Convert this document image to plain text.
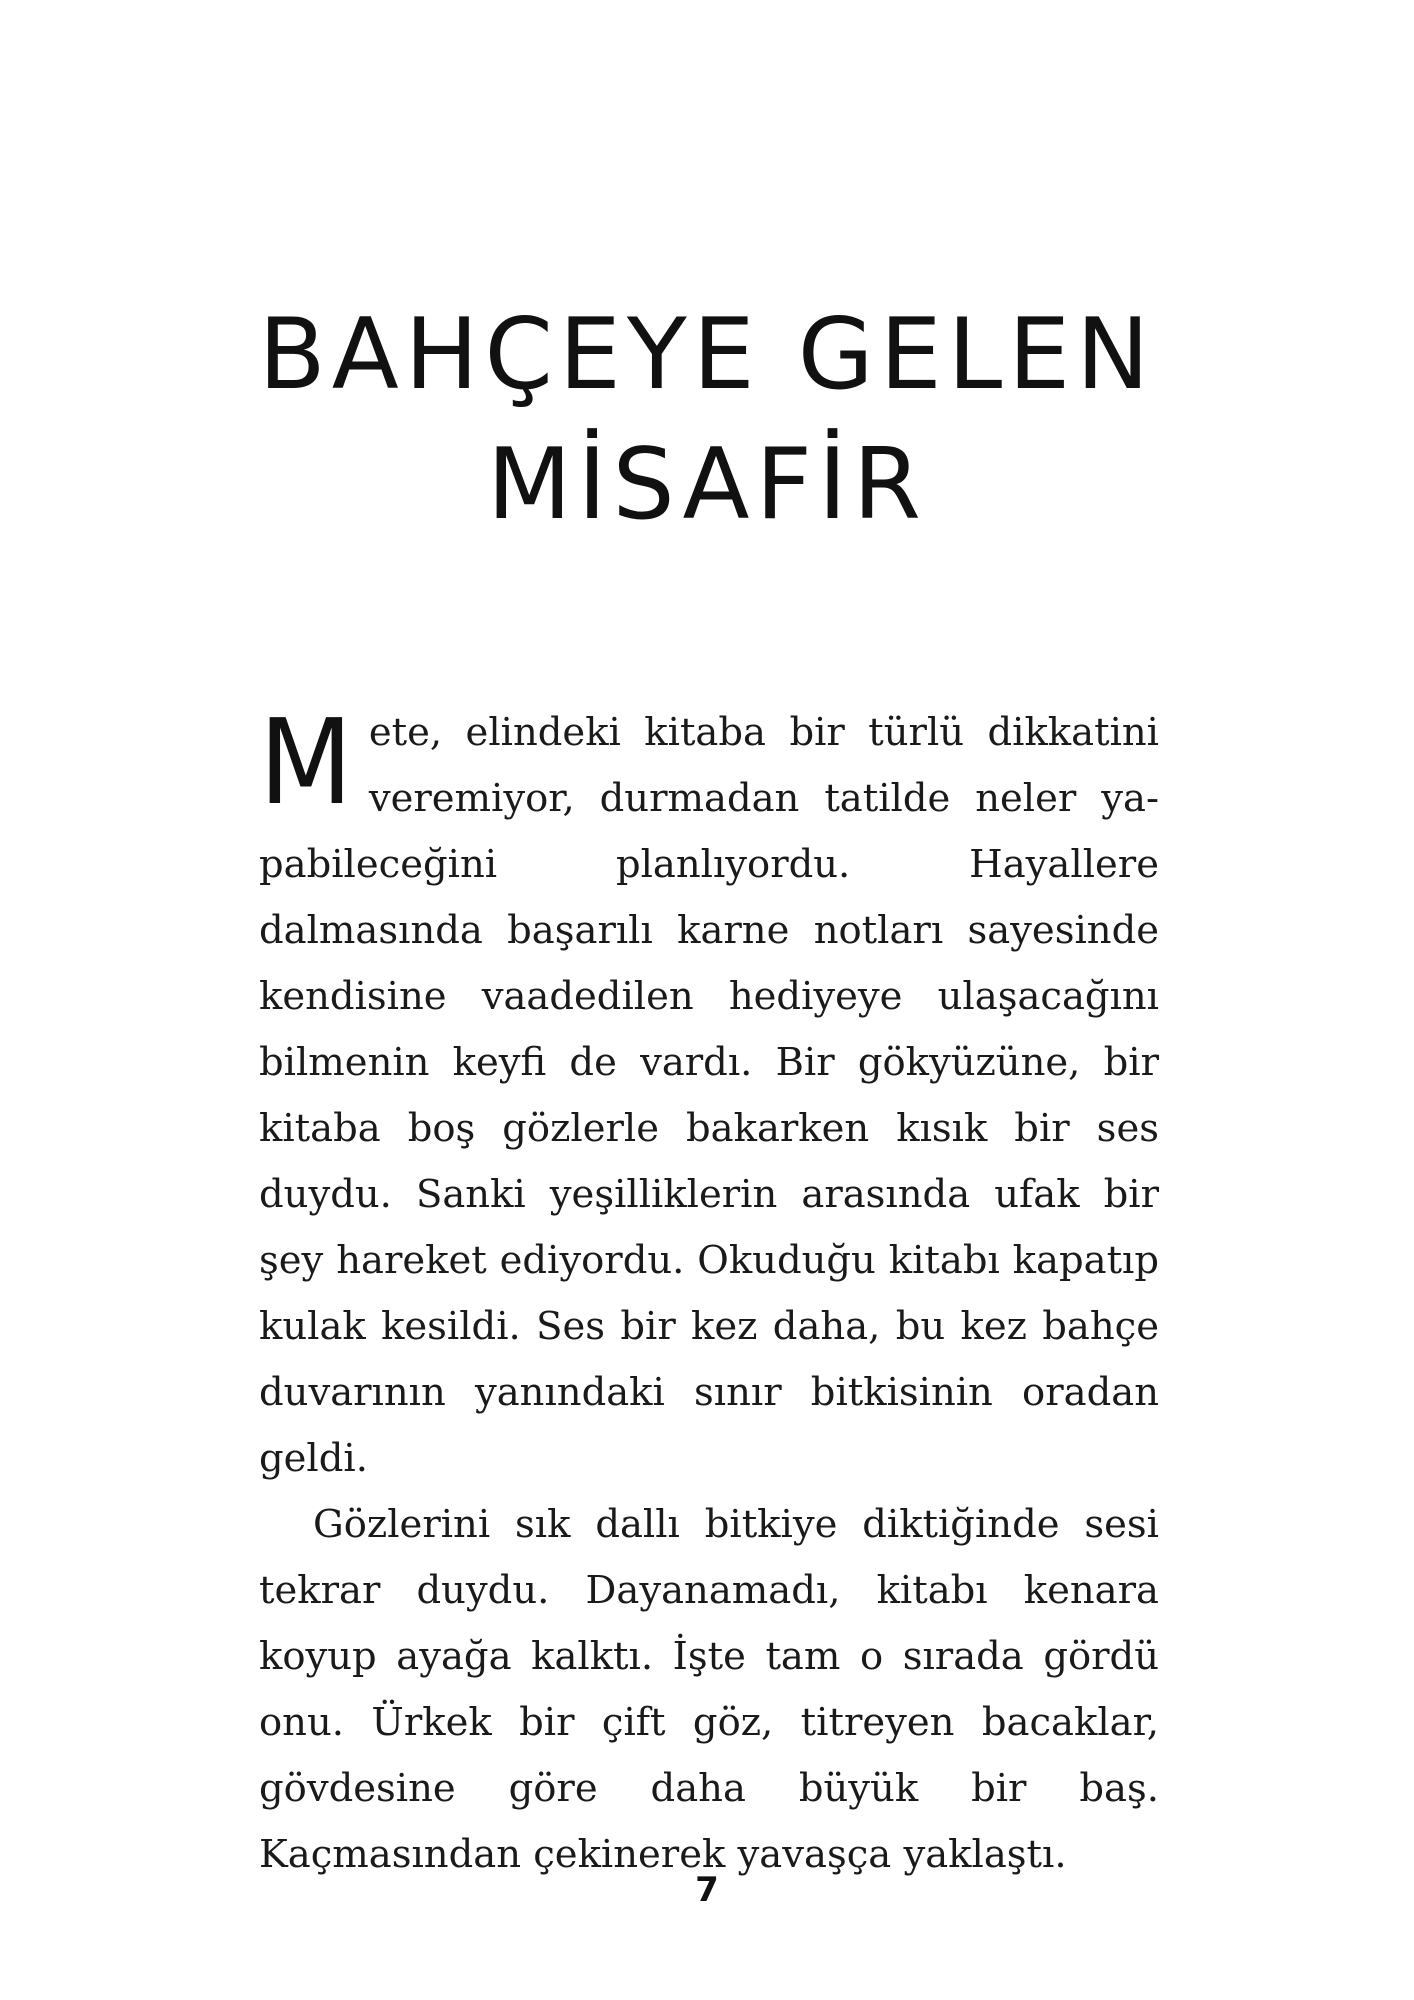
BAHÇEYE GELEN
MİSAFİR

Mete, elindeki kitaba bir türlü dikkatini veremiyor, durmadan tatilde neler yapabileceğini planlıyordu. Hayallere dalmasında başarılı karne notları sayesinde kendisine vaadedilen hediyeye ulaşacağını bilmenin keyfi de vardı. Bir gökyüzüne, bir kitaba boş gözlerle bakarken kısık bir ses duydu. Sanki yeşilliklerin arasında ufak bir şey hareket ediyordu. Okuduğu kitabı kapatıp kulak kesildi. Ses bir kez daha, bu kez bahçe duvarının yanındaki sınır bitkisinin oradan geldi.

Gözlerini sık dallı bitkiye diktiğinde sesi tekrar duydu. Dayanamadı, kitabı kenara koyup ayağa kalktı. İşte tam o sırada gördü onu. Ürkek bir çift göz, titreyen bacaklar, gövdesine göre daha büyük bir baş. Kaçmasından çekinerek yavaşça yaklaştı.

7
